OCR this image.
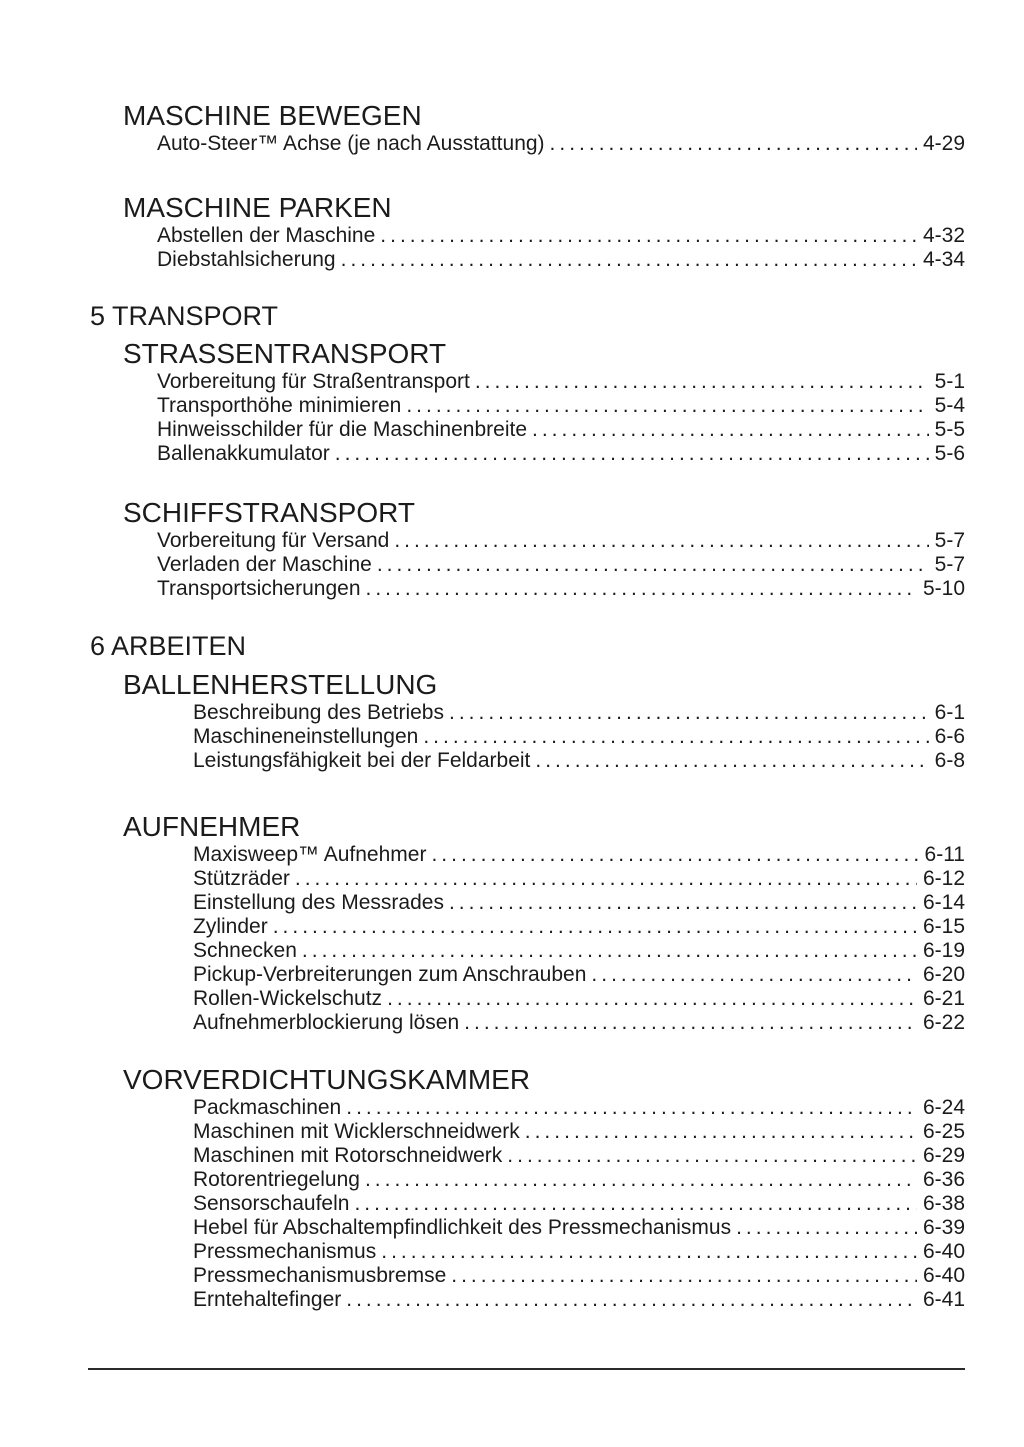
MASCHINE BEWEGEN
Auto-Steer™ Achse (je nach Ausstattung) .....	4-29
MASCHINE PARKEN
Abstellen der Maschine .....	4-32
Diebstahlsicherung .....	4-34
5 TRANSPORT
STRASSENTRANSPORT
Vorbereitung für Straßentransport .....	5-1
Transporthöhe minimieren .....	5-4
Hinweisschilder für die Maschinenbreite .....	5-5
Ballenakkumulator .....	5-6
SCHIFFSTRANSPORT
Vorbereitung für Versand .....	5-7
Verladen der Maschine .....	5-7
Transportsicherungen .....	5-10
6 ARBEITEN
BALLENHERSTELLUNG
Beschreibung des Betriebs .....	6-1
Maschineneinstellungen .....	6-6
Leistungsfähigkeit bei der Feldarbeit .....	6-8
AUFNEHMER
Maxisweep™ Aufnehmer .....	6-11
Stützräder .....	6-12
Einstellung des Messrades .....	6-14
Zylinder .....	6-15
Schnecken .....	6-19
Pickup-Verbreiterungen zum Anschrauben .....	6-20
Rollen-Wickelschutz .....	6-21
Aufnehmerblockierung lösen .....	6-22
VORVERDICHTUNGSKAMMER
Packmaschinen .....	6-24
Maschinen mit Wicklerschneidwerk .....	6-25
Maschinen mit Rotorschneidwerk .....	6-29
Rotorentriegelung .....	6-36
Sensorschaufeln .....	6-38
Hebel für Abschaltempfindlichkeit des Pressmechanismus .....	6-39
Pressmechanismus .....	6-40
Pressmechanismusbremse .....	6-40
Erntehaltefinger .....	6-41
